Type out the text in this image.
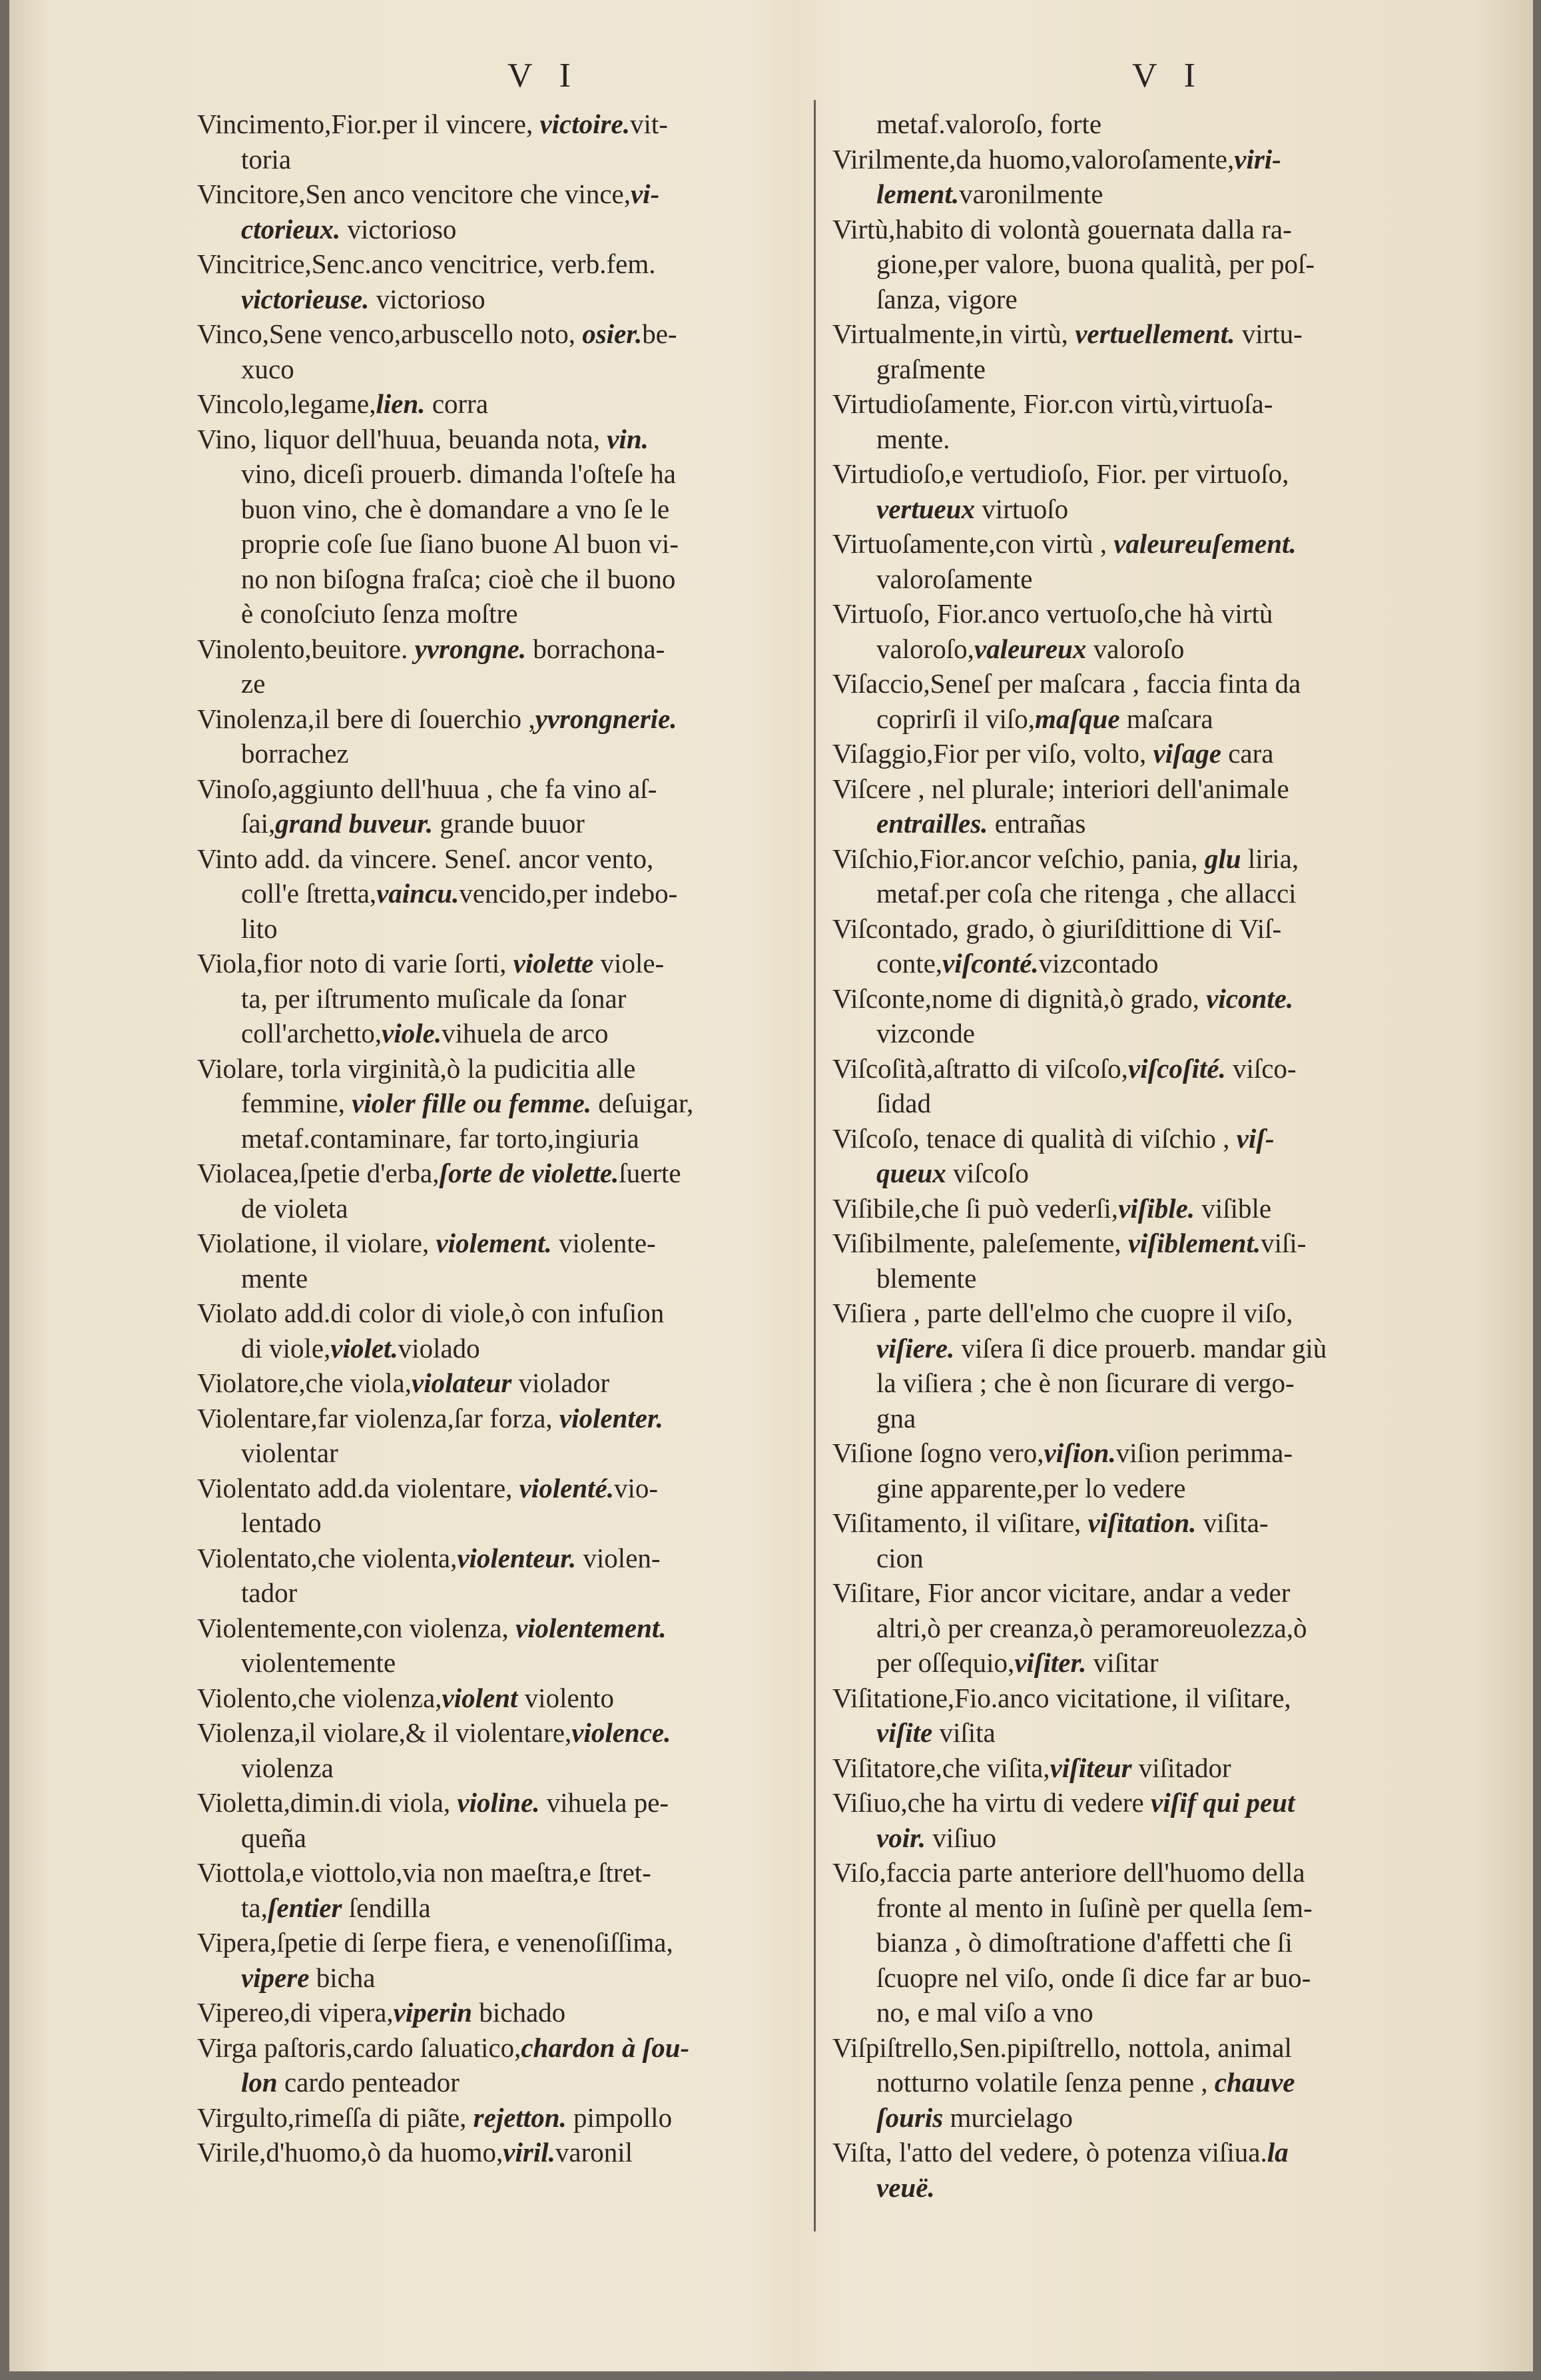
V I	V I
Vincimento,Fior.per il vincere, victoire.vit-
toria
Vincitore,Sen anco vencitore che vince,vi-
ctorieux. victorioso
Vincitrice,Senc.anco vencitrice, verb.fem.
victorieuse. victoriosо
Vinco,Sene venco,arbuscello noto, osier.be-
xuco
Vincolo,legame,lien. corra
Vino, liquor dell'huua, beuanda nota, vin.
vino, diceſi prouerb. dimanda l'oſteſe ha
buon vino, che è domandare a vno ſe le
proprie coſe ſue ſiano buone Al buon vi-
no non biſogna fraſca; cioè che il buono
è conoſciuto ſenza moſtre
Vinolento,beuitore. yvrongne. borrachona-
ze
Vinolenza,il bere di ſouerchio ,yvrongnerie.
borrachez
Vinoſo,aggiunto dell'huua , che fa vino aſ-
ſai,grand buveur. grande buuor
Vinto add. da vincere. Seneſ. ancor vento,
coll'e ſtretta,vaincu.vencido,per indebo-
lito
Viola,fior noto di varie ſorti, violette viole-
ta, per iſtrumento muſicale da ſonar
coll'archetto,viole.vihuela de arco
Violare, torla virginità,ò la pudicitia alle
femmine, violer fille ou femme. deſuigar,
metaf.contaminare, far torto,ingiuria
Violacea,ſpetie d'erba,ſorte de violette.ſuerte
de violeta
Violatione, il violare, violement. violente-
mente
Violato add.di color di viole,ò con infuſion
di viole,violet.violado
Violatore,che viola,violateur violador
Violentare,far violenza,ſar forza, violenter.
violentar
Violentato add.da violentare, violenté.vio-
lentado
Violentato,che violenta,violenteur. violen-
tador
Violentemente,con violenza, violentement.
violentemente
Violento,che violenza,violent violento
Violenza,il violare,& il violentare,violence.
violenza
Violetta,dimin.di viola, violine. vihuela pe-
queña
Viottola,e viottolo,via non maeſtra,e ſtret-
ta,ſentier ſendilla
Vipera,ſpetie di ſerpe fiera, e venenoſiſſima,
vipere bicha
Vipereo,di vipera,viperin bichado
Virga paſtoris,cardo ſaluatico,chardon à ſou-
lon cardo penteador
Virgulto,rimeſſa di piãte, rejetton. pimpollo
Virile,d'huomo,ò da huomo,viril.varonil
metaf.valoroſo, forte
Virilmente,da huomo,valoroſamente,viri-
lement.varonilmente
Virtù,habito di volontà gouernata dalla ra-
gione,per valore, buona qualità, per poſ-
ſanza, vigore
Virtualmente,in virtù, vertuellement. virtu-
graſmente
Virtudioſamente, Fior.con virtù,virtuoſa-
mente.
Virtudioſo,e vertudioſo, Fior. per virtuoſo,
vertueux virtuoſo
Virtuoſamente,con virtù , valeureuſement.
valoroſamente
Virtuoſo, Fior.anco vertuoſo,che hà virtù
valoroſo,valeureux valoroſo
Viſaccio,Seneſ per maſcara , faccia finta da
coprirſi il viſo,maſque maſcara
Viſaggio,Fior per viſo, volto, viſage cara
Viſcere , nel plurale; interiori dell'animale
entrailles. entrañas
Viſchio,Fior.ancor veſchio, pania, glu liria,
metaf.per coſa che ritenga , che allacci
Viſcontado, grado, ò giuriſdittione di Viſ-
conte,viſconté.vizcontado
Viſconte,nome di dignità,ò grado, viconte.
vizconde
Viſcoſità,aſtratto di viſcoſo,viſcoſité. viſco-
ſidad
Viſcoſo, tenace di qualità di viſchio , viſ-
queux viſcoſo
Viſibile,che ſi può vederſi,viſible. viſible
Viſibilmente, paleſemente, viſiblement.viſi-
blemente
Viſiera , parte dell'elmo che cuopre il viſo,
viſiere. viſera ſi dice prouerb. mandar giù
la viſiera ; che è non ſicurare di vergo-
gna
Viſione ſogno vero,viſion.viſion perimma-
gine apparente,per lo vedere
Viſitamento, il viſitare, viſitation. viſita-
cion
Viſitare, Fior ancor vicitare, andar a veder
altri,ò per creanza,ò peramoreuolezza,ò
per oſſequio,viſiter. viſitar
Viſitatione,Fio.anco vicitatione, il viſitare,
viſite viſita
Viſitatore,che viſita,viſiteur viſitador
Viſiuo,che ha virtu di vedere viſif qui peut
voir. viſiuo
Viſo,faccia parte anteriore dell'huomo della
fronte al mento in ſuſinè per quella ſem-
bianza , ò dimoſtratione d'affetti che ſi
ſcuopre nel viſo, onde ſi dice far ar buo-
no, e mal viſo a vno
Viſpiſtrello,Sen.pipiſtrello, nottola, animal
notturno volatile ſenza penne , chauve
ſouris murcielago
Viſta, l'atto del vedere, ò potenza viſiua.la
veuë.
